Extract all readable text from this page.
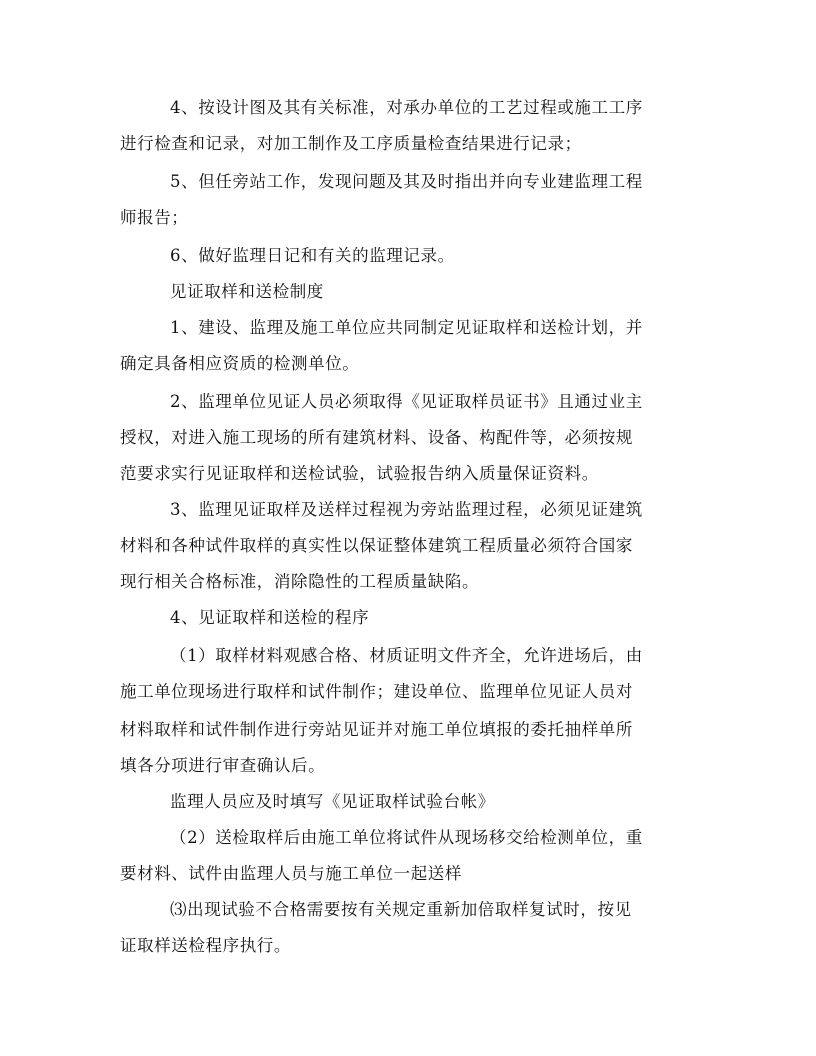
4、按设计图及其有关标准，对承办单位的工艺过程或施工工序
进行检查和记录，对加工制作及工序质量检查结果进行记录；
5、但任旁站工作，发现问题及其及时指出并向专业建监理工程
师报告；
6、做好监理日记和有关的监理记录。
见证取样和送检制度
1、建设、监理及施工单位应共同制定见证取样和送检计划，并
确定具备相应资质的检测单位。
2、监理单位见证人员必须取得《见证取样员证书》且通过业主
授权，对进入施工现场的所有建筑材料、设备、构配件等，必须按规
范要求实行见证取样和送检试验，试验报告纳入质量保证资料。
3、监理见证取样及送样过程视为旁站监理过程，必须见证建筑
材料和各种试件取样的真实性以保证整体建筑工程质量必须符合国家
现行相关合格标准，消除隐性的工程质量缺陷。
4、见证取样和送检的程序
（1）取样材料观感合格、材质证明文件齐全，允许进场后，由
施工单位现场进行取样和试件制作；建设单位、监理单位见证人员对
材料取样和试件制作进行旁站见证并对施工单位填报的委托抽样单所
填各分项进行审查确认后。
监理人员应及时填写《见证取样试验台帐》
（2）送检取样后由施工单位将试件从现场移交给检测单位，重
要材料、试件由监理人员与施工单位一起送样
⑶出现试验不合格需要按有关规定重新加倍取样复试时，按见
证取样送检程序执行。
